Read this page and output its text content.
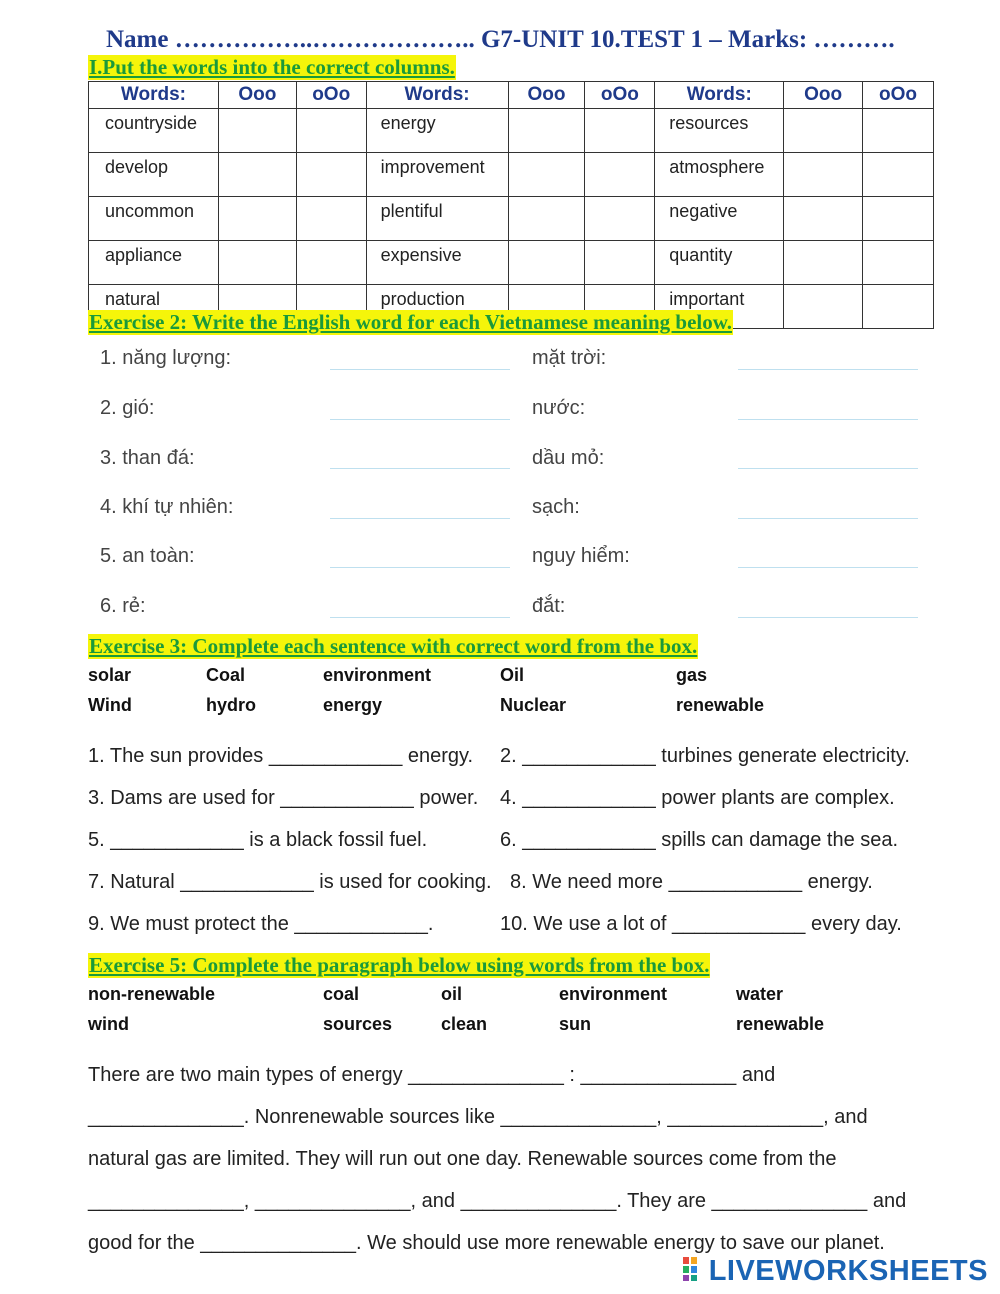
Name ……………..……………….. G7-UNIT 10.TEST 1 – Marks: ……….
I.Put the words into the correct columns.
Words:	Ooo	oOo	Words:	Ooo	oOo	Words:	Ooo	oOo
countryside			energy			resources		
develop			improvement			atmosphere		
uncommon			plentiful			negative		
appliance			expensive			quantity		
natural			production			important		
Exercise 2: Write the English word for each Vietnamese meaning below.
1. năng lượng:	mặt trời:
2. gió:	nước:
3. than đá:	dầu mỏ:
4. khí tự nhiên:	sạch:
5. an toàn:	nguy hiểm:
6. rẻ:	đắt:
Exercise 3: Complete each sentence with correct word from the box.
solar	Coal	environment	Oil	gas
Wind	hydro	energy	Nuclear	renewable
1. The sun provides ____________ energy. 2. ____________ turbines generate electricity.
3. Dams are used for ____________ power. 4. ____________ power plants are complex.
5. ____________ is a black fossil fuel.	6. ____________ spills can damage the sea.
7. Natural ____________ is used for cooking. 8. We need more ____________ energy.
9. We must protect the ____________.	10. We use a lot of ____________ every day.
Exercise 5: Complete the paragraph below using words from the box.
non-renewable	coal	oil	environment	water
wind	sources	clean	sun	renewable
There are two main types of energy ______________ : ______________ and
______________. Nonrenewable sources like ______________, ______________, and
natural gas are limited. They will run out one day. Renewable sources come from the
______________, ______________, and ______________. They are ______________ and
good for the ______________. We should use more renewable energy to save our planet.
LIVEWORKSHEETS
